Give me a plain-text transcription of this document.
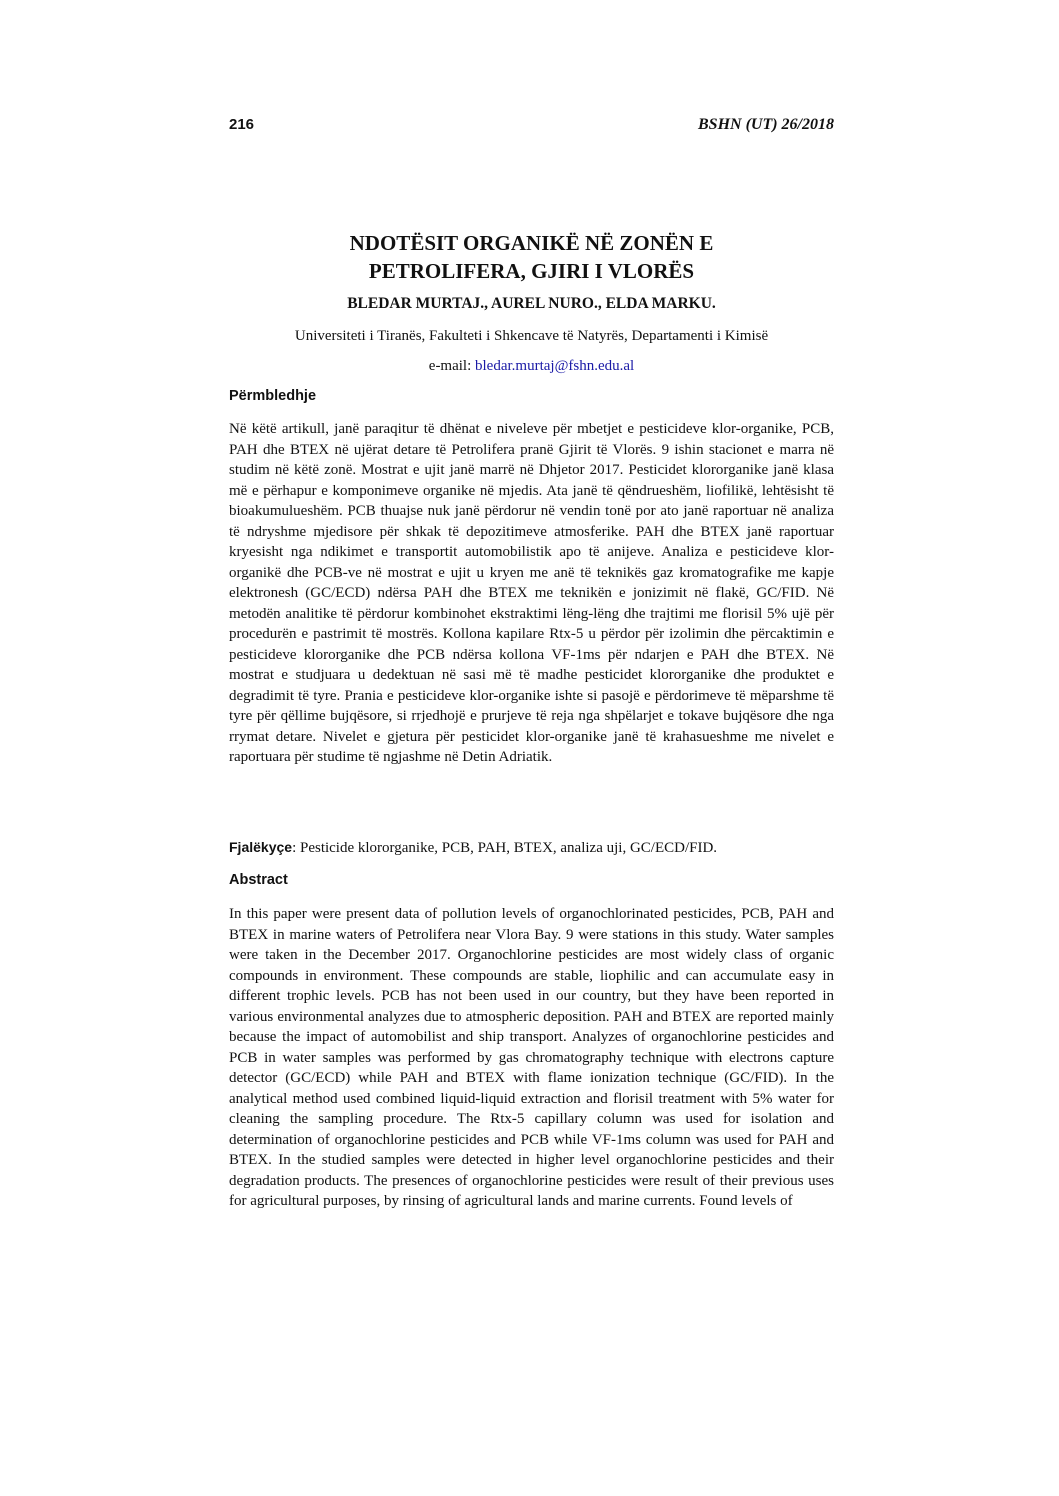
216	BSHN (UT) 26/2018
NDOTËSIT ORGANIKË NË ZONËN E
PETROLIFERA, GJIRI I VLORËS
BLEDAR MURTAJ., AUREL NURO., ELDA MARKU.
Universiteti i Tiranës, Fakulteti i Shkencave të Natyrës, Departamenti i Kimisë
e-mail: bledar.murtaj@fshn.edu.al
Përmbledhje

Në këtë artikull, janë paraqitur të dhënat e niveleve për mbetjet e pesticideve klor-organike, PCB, PAH dhe BTEX në ujërat detare të Petrolifera pranë Gjirit të Vlorës. 9 ishin stacionet e marra në studim në këtë zonë. Mostrat e ujit janë marrë në Dhjetor 2017. Pesticidet klororganike janë klasa më e përhapur e komponimeve organike në mjedis. Ata janë të qëndrueshëm, liofilikë, lehtësisht të bioakumulueshëm. PCB thuajse nuk janë përdorur në vendin tonë por ato janë raportuar në analiza të ndryshme mjedisore për shkak të depozitimeve atmosferike. PAH dhe BTEX janë raportuar kryesisht nga ndikimet e transportit automobilistik apo të anijeve. Analiza e pesticideve klor-organikë dhe PCB-ve në mostrat e ujit u kryen me anë të teknikës gaz kromatografike me kapje elektronesh (GC/ECD) ndërsa PAH dhe BTEX me teknikën e jonizimit në flakë, GC/FID. Në metodën analitike të përdorur kombinohet ekstraktimi lëng-lëng dhe trajtimi me florisil 5% ujë për procedurën e pastrimit të mostrës. Kollona kapilare Rtx-5 u përdor për izolimin dhe përcaktimin e pesticideve klororganike dhe PCB ndërsa kollona VF-1ms për ndarjen e PAH dhe BTEX. Në mostrat e studjuara u dedektuan në sasi më të madhe pesticidet klororganike dhe produktet e degradimit të tyre. Prania e pesticideve klor-organike ishte si pasojë e përdorimeve të mëparshme të tyre për qëllime bujqësore, si rrjedhojë e prurjeve të reja nga shpëlarjet e tokave bujqësore dhe nga rrymat detare. Nivelet e gjetura për pesticidet klor-organike janë të krahasueshme me nivelet e raportuara për studime të ngjashme në Detin Adriatik.

Fjalëkyçe: Pesticide klororganike, PCB, PAH, BTEX, analiza uji, GC/ECD/FID.
Abstract

In this paper were present data of pollution levels of organochlorinated pesticides, PCB, PAH and BTEX in marine waters of Petrolifera near Vlora Bay. 9 were stations in this study. Water samples were taken in the December 2017. Organochlorine pesticides are most widely class of organic compounds in environment. These compounds are stable, liophilic and can accumulate easy in different trophic levels. PCB has not been used in our country, but they have been reported in various environmental analyzes due to atmospheric deposition. PAH and BTEX are reported mainly because the impact of automobilist and ship transport. Analyzes of organochlorine pesticides and PCB in water samples was performed by gas chromatography technique with electrons capture detector (GC/ECD) while PAH and BTEX with flame ionization technique (GC/FID). In the analytical method used combined liquid-liquid extraction and florisil treatment with 5% water for cleaning the sampling procedure. The Rtx-5 capillary column was used for isolation and determination of organochlorine pesticides and PCB while VF-1ms column was used for PAH and BTEX. In the studied samples were detected in higher level organochlorine pesticides and their degradation products. The presences of organochlorine pesticides were result of their previous uses for agricultural purposes, by rinsing of agricultural lands and marine currents. Found levels of
